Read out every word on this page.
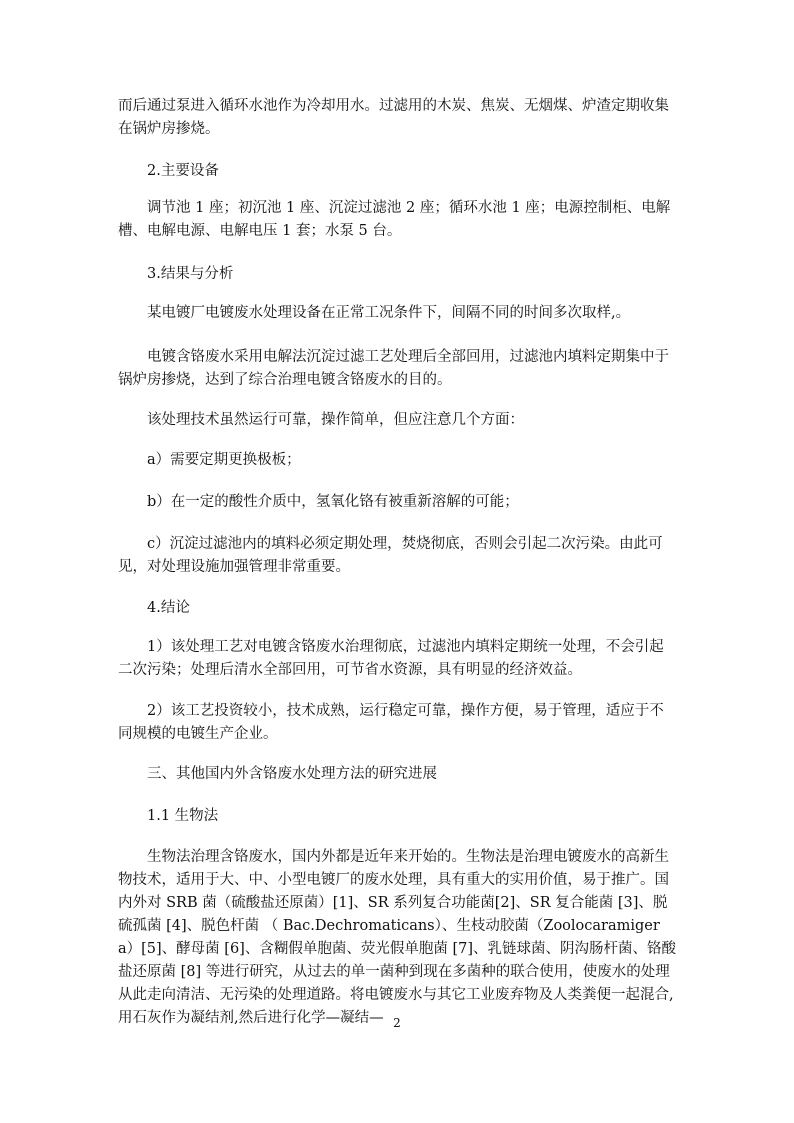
而后通过泵进入循环水池作为冷却用水。过滤用的木炭、焦炭、无烟煤、炉渣定期收集在锅炉房掺烧。

2.主要设备

调节池 1 座；初沉池 1 座、沉淀过滤池 2 座；循环水池 1 座；电源控制柜、电解槽、电解电源、电解电压 1 套；水泵 5 台。

3.结果与分析

某电镀厂电镀废水处理设备在正常工况条件下，间隔不同的时间多次取样,。

电镀含铬废水采用电解法沉淀过滤工艺处理后全部回用，过滤池内填料定期集中于锅炉房掺烧，达到了综合治理电镀含铬废水的目的。

该处理技术虽然运行可靠，操作简单，但应注意几个方面：

a）需要定期更换极板；

b）在一定的酸性介质中，氢氧化铬有被重新溶解的可能；

c）沉淀过滤池内的填料必须定期处理，焚烧彻底，否则会引起二次污染。由此可见，对处理设施加强管理非常重要。

4.结论

1）该处理工艺对电镀含铬废水治理彻底，过滤池内填料定期统一处理，不会引起二次污染；处理后清水全部回用，可节省水资源，具有明显的经济效益。

2）该工艺投资较小，技术成熟，运行稳定可靠，操作方便，易于管理，适应于不同规模的电镀生产企业。

三、其他国内外含铬废水处理方法的研究进展

1.1 生物法

生物法治理含铬废水，国内外都是近年来开始的。生物法是治理电镀废水的高新生物技术，适用于大、中、小型电镀厂的废水处理，具有重大的实用价值，易于推广。国内外对 SRB 菌（硫酸盐还原菌）[1]、SR 系列复合功能菌[2]、SR 复合能菌 [3]、脱硫孤菌 [4]、脱色杆菌 （ Bac.Dechromaticans）、生枝动胶菌（Zoolocaramiger a）[5]、酵母菌 [6]、含糊假单胞菌、荧光假单胞菌 [7]、乳链球菌、阴沟肠杆菌、铬酸盐还原菌 [8] 等进行研究，从过去的单一菌种到现在多菌种的联合使用，使废水的处理从此走向清洁、无污染的处理道路。将电镀废水与其它工业废弃物及人类粪便一起混合,用石灰作为凝结剂,然后进行化学—凝结— 2
